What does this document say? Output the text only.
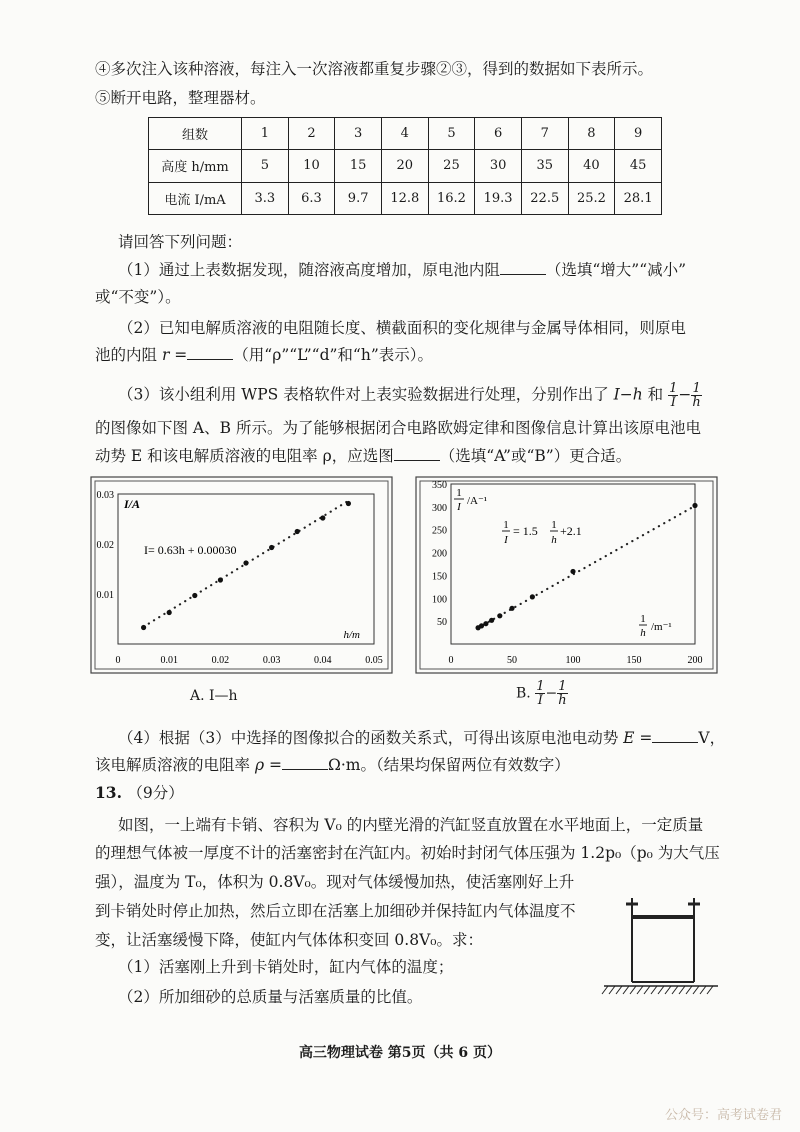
④多次注入该种溶液，每注入一次溶液都重复步骤②③，得到的数据如下表所示。
⑤断开电路，整理器材。
组数	1	2	3	4	5	6	7	8	9
高度 h/mm	5	10	15	20	25	30	35	40	45
电流 I/mA	3.3	6.3	9.7	12.8	16.2	19.3	22.5	25.2	28.1
请回答下列问题：
（1）通过上表数据发现，随溶液高度增加，原电池内阻	（选填“增大”“减小”
或“不变”）。
（2）已知电解质溶液的电阻随长度、横截面积的变化规律与金属导体相同，则原电
池的内阻 r =	（用“ρ”“L”“d”和“h”表示）。
（3）该小组利用 WPS 表格软件对上表实验数据进行处理，分别作出了 I−h 和 $\frac{1}{I} - \frac{1}{h}$
的图像如下图 A、B 所示。为了能够根据闭合电路欧姆定律和图像信息计算出该原电池电
动势 E 和该电解质溶液的电阻率 ρ，应选图	（选填“A”或“B”）更合适。
0	0.01	0.02	0.03	0.04	0.05
0.01
0.02
0.03
I/A
h/m
I= 0.63h + 0.00030
A. I—h
0	50	100	150	200
50
100
150
200
250
300
350
1
I /A⁻¹
1
I
= 1.5 1
h
+2.1
1
h /m⁻¹
B. $\frac{1}{I} - \frac{1}{h}$
（4）根据（3）中选择的图像拟合的函数关系式，可得出该原电池电动势 E =	V，
该电解质溶液的电阻率 ρ =	Ω·m。（结果均保留两位有效数字）
13. （9分）
如图，一上端有卡销、容积为 V₀ 的内壁光滑的汽缸竖直放置在水平地面上，一定质量
的理想气体被一厚度不计的活塞密封在汽缸内。初始时封闭气体压强为 1.2p₀（p₀ 为大气压
强），温度为 T₀，体积为 0.8V₀。现对气体缓慢加热，使活塞刚好上升
到卡销处时停止加热，然后立即在活塞上加细砂并保持缸内气体温度不
变，让活塞缓慢下降，使缸内气体体积变回 0.8V₀。求：
（1）活塞刚上升到卡销处时，缸内气体的温度；
（2）所加细砂的总质量与活塞质量的比值。
高三物理试卷 第5页（共 6 页）
公众号：高考试卷君
